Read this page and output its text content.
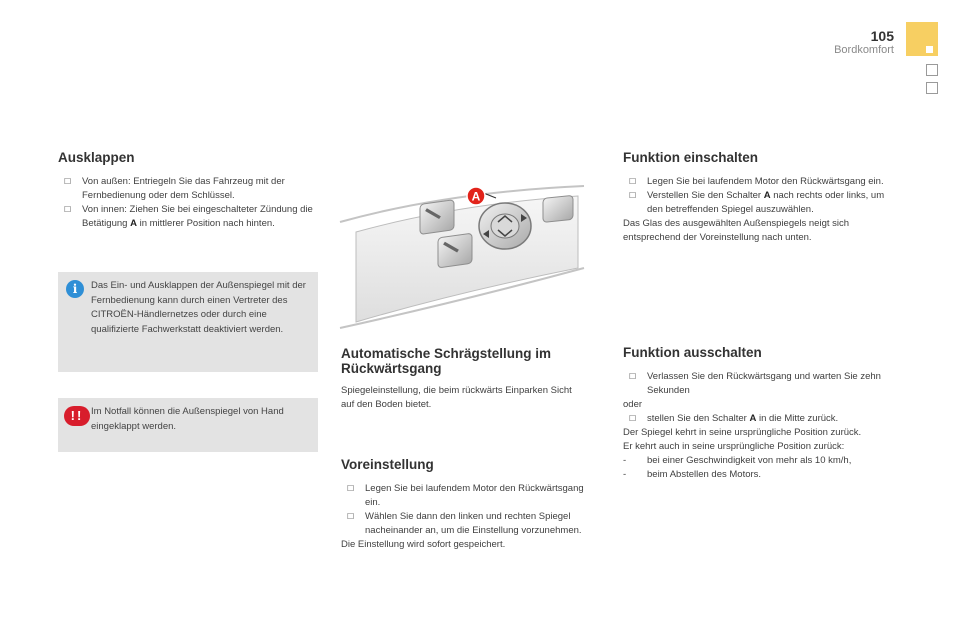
105
Bordkomfort
Ausklappen
☐ Von außen: Entriegeln Sie das Fahrzeug mit der Fernbedienung oder dem Schlüssel.
☐ Von innen: Ziehen Sie bei eingeschalteter Zündung die Betätigung A in mittlerer Position nach hinten.
i	Das Ein- und Ausklappen der Außenspiegel mit der Fernbedienung kann durch einen Vertreter des CITROËN-Händlernetzes oder durch eine qualifizierte Fachwerkstatt deaktiviert werden.
!! Im Notfall können die Außenspiegel von Hand eingeklappt werden.
A
Automatische Schrägstellung im Rückwärtsgang
Spiegeleinstellung, die beim rückwärts Einparken Sicht auf den Boden bietet.
Voreinstellung
☐ Legen Sie bei laufendem Motor den Rückwärtsgang ein.
☐ Wählen Sie dann den linken und rechten Spiegel nacheinander an, um die Einstellung vorzunehmen.
Die Einstellung wird sofort gespeichert.
Funktion einschalten
☐ Legen Sie bei laufendem Motor den Rückwärtsgang ein.
☐ Verstellen Sie den Schalter A nach rechts oder links, um den betreffenden Spiegel auszuwählen.
Das Glas des ausgewählten Außenspiegels neigt sich entsprechend der Voreinstellung nach unten.
Funktion ausschalten
☐ Verlassen Sie den Rückwärtsgang und warten Sie zehn Sekunden
oder
☐ stellen Sie den Schalter A in die Mitte zurück.
Der Spiegel kehrt in seine ursprüngliche Position zurück.
Er kehrt auch in seine ursprüngliche Position zurück:
- bei einer Geschwindigkeit von mehr als 10 km/h,
- beim Abstellen des Motors.
